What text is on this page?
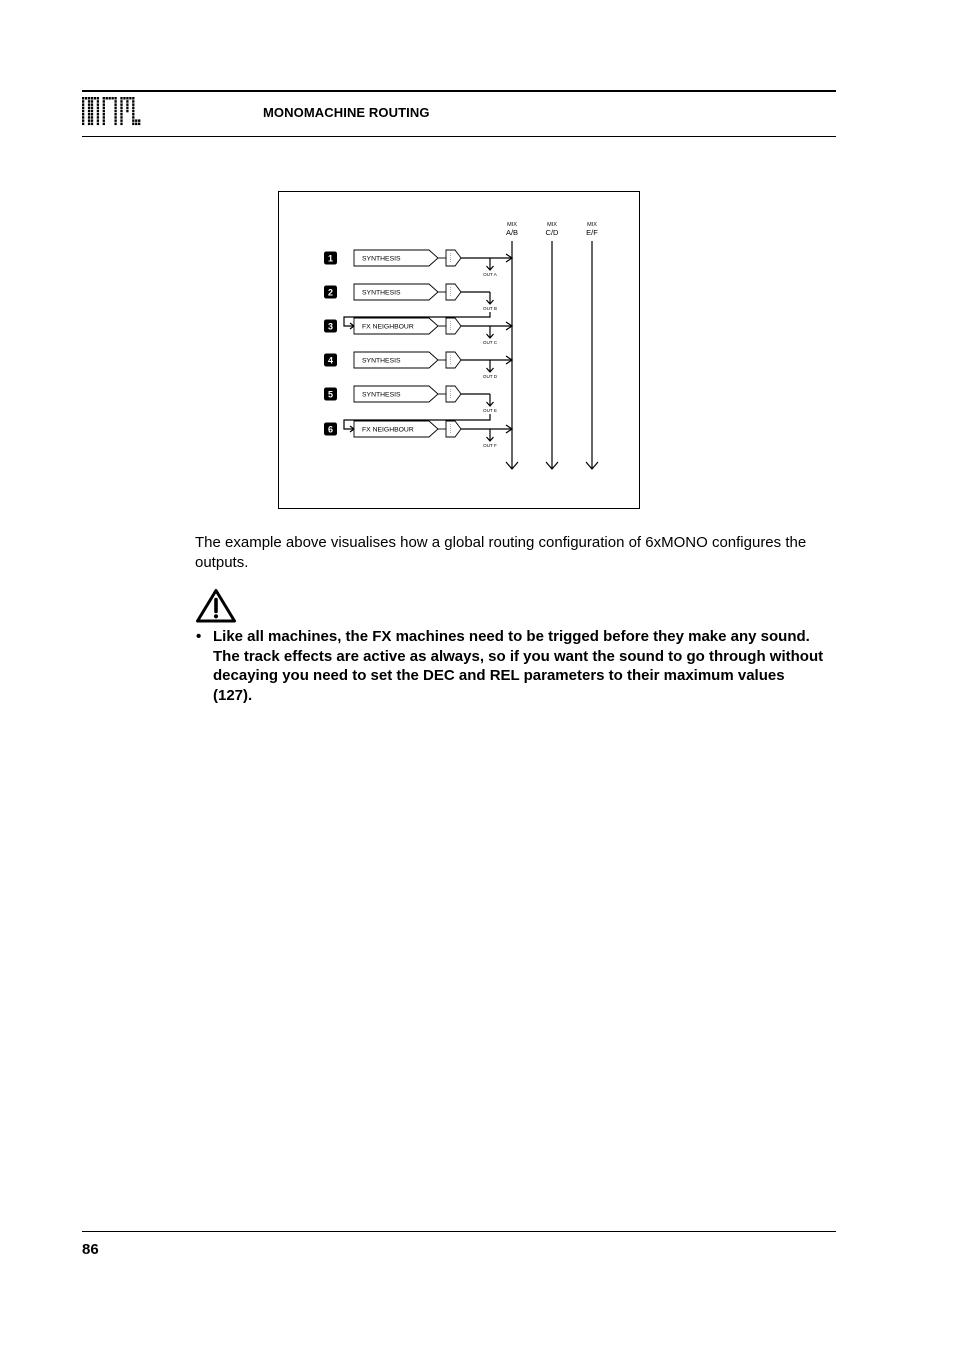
MONOMACHINE ROUTING
MIX
A/B
MIX
C/D
MIX
E/F
1	SYNTHESIS
OUT A
2	SYNTHESIS
OUT B
3	FX NEIGHBOUR
OUT C
4	SYNTHESIS
OUT D
5	SYNTHESIS
OUT E
6	FX NEIGHBOUR
OUT F
The example above visualises how a global routing configuration of 6xMONO configures the outputs.
• Like all machines, the FX machines need to be trigged before they make any sound. The track effects are active as always, so if you want the sound to go through without decaying you need to set the DEC and REL parameters to their maximum values (127).
86
